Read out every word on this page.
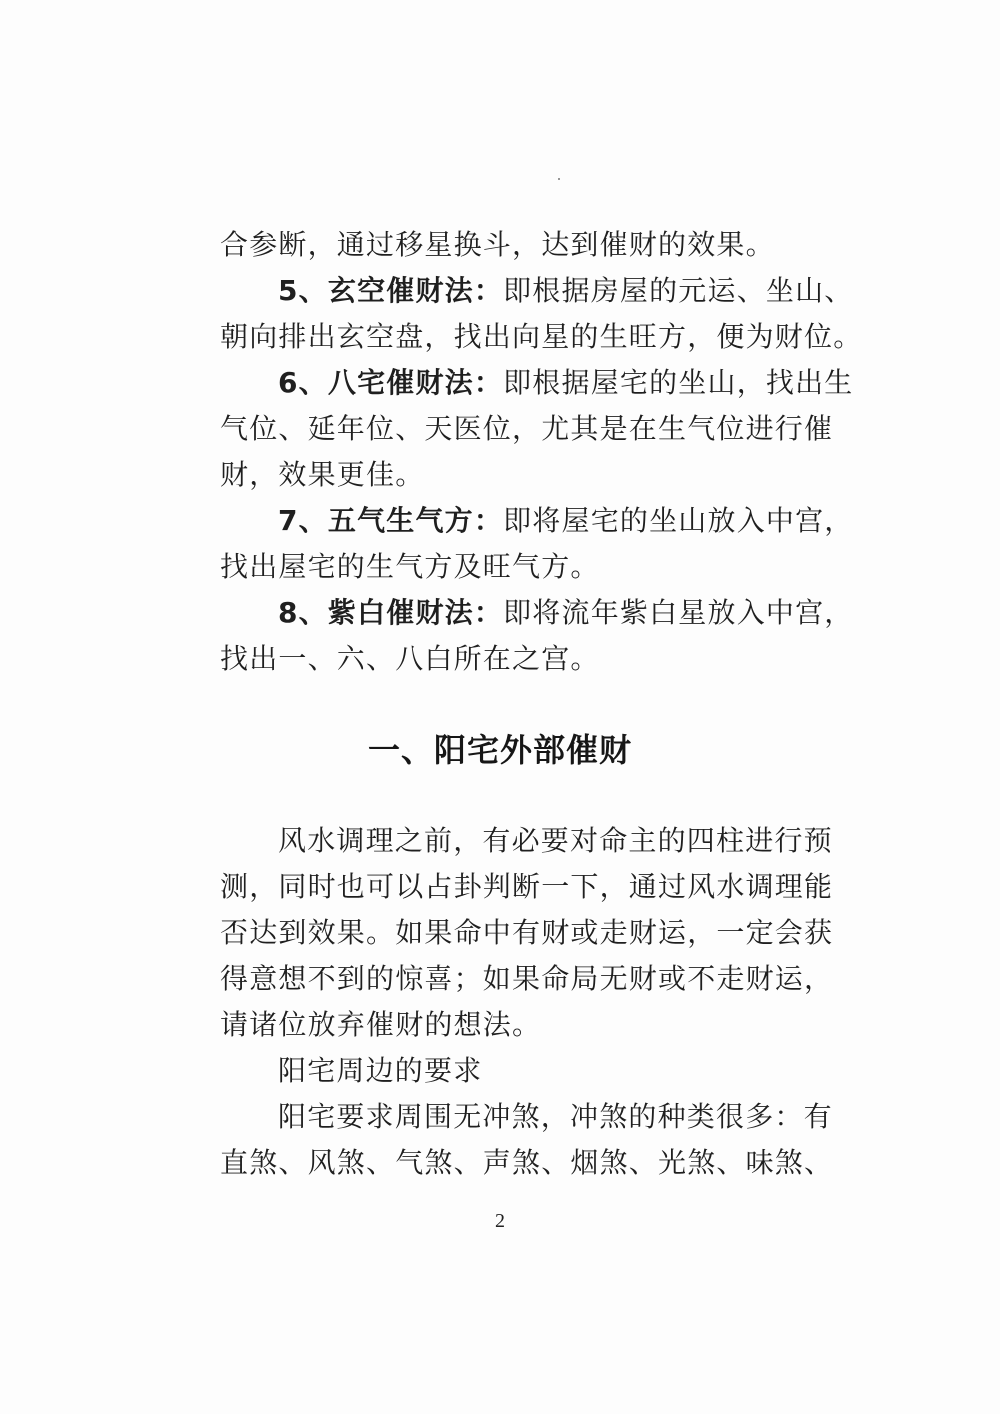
合参断，通过移星换斗，达到催财的效果。
5、玄空催财法：即根据房屋的元运、坐山、
朝向排出玄空盘，找出向星的生旺方，便为财位。
6、八宅催财法：即根据屋宅的坐山，找出生
气位、延年位、天医位，尤其是在生气位进行催
财，效果更佳。
7、五气生气方：即将屋宅的坐山放入中宫，
找出屋宅的生气方及旺气方。
8、紫白催财法：即将流年紫白星放入中宫，
找出一、六、八白所在之宫。
一、阳宅外部催财
风水调理之前，有必要对命主的四柱进行预
测，同时也可以占卦判断一下，通过风水调理能
否达到效果。如果命中有财或走财运，一定会获
得意想不到的惊喜；如果命局无财或不走财运，
请诸位放弃催财的想法。
阳宅周边的要求
阳宅要求周围无冲煞，冲煞的种类很多：有
直煞、风煞、气煞、声煞、烟煞、光煞、味煞、
2
